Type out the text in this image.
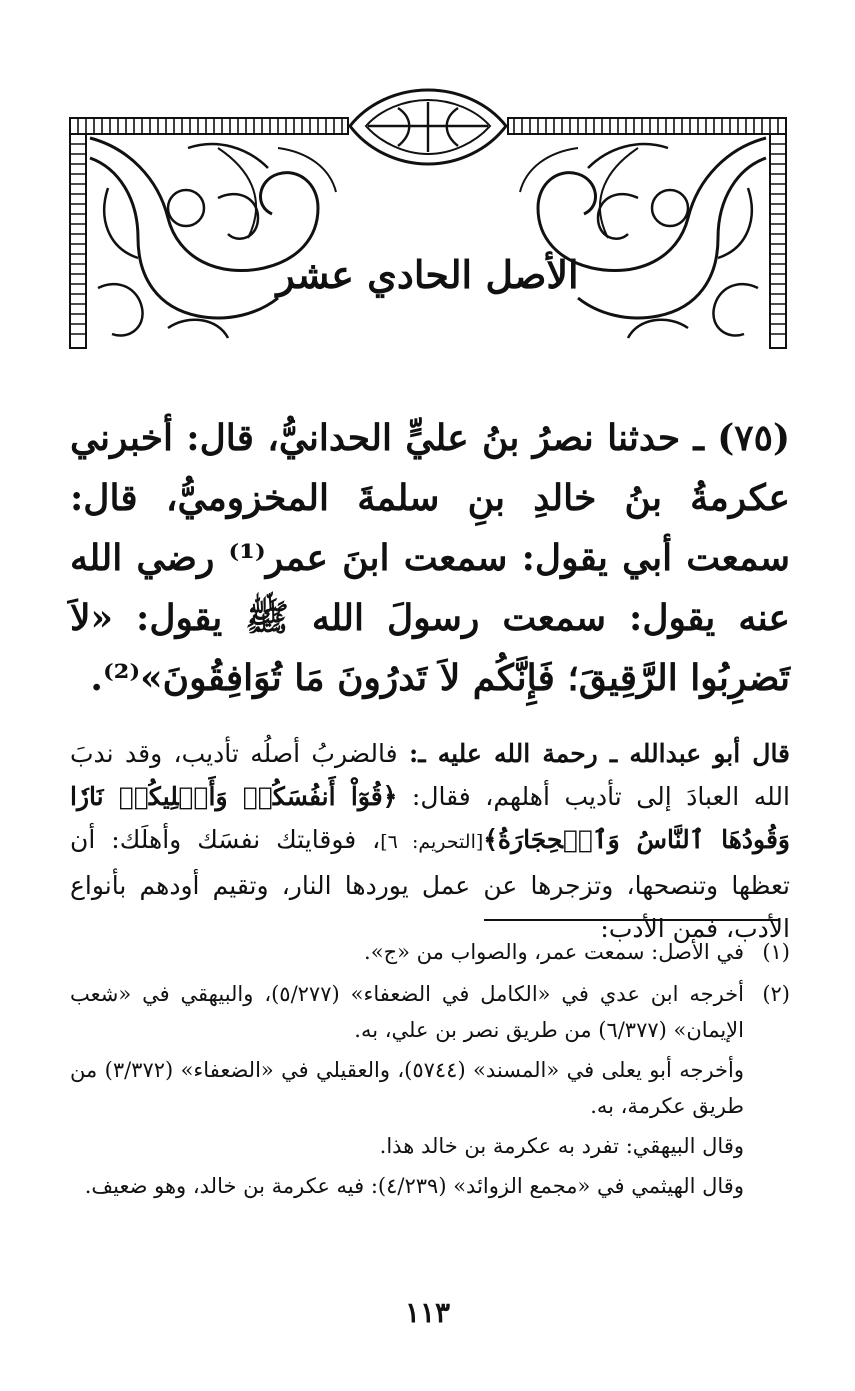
الأصل الحادي عشر

(٧٥) ـ حدثنا نصرُ بنُ عليٍّ الحدانيُّ، قال: أخبرني عكرمةُ بنُ خالدِ بنِ سلمةَ المخزوميُّ، قال: سمعت أبي يقول: سمعت ابنَ عمر⁽¹⁾ رضي الله عنه يقول: سمعت رسولَ الله ﷺ يقول: «لاَ تَضرِبُوا الرَّقِيقَ؛ فَإِنَّكُم لاَ تَدرُونَ مَا تُوَافِقُونَ»⁽²⁾.

قال أبو عبدالله ـ رحمة الله عليه ـ: فالضربُ أصلُه تأديب، وقد ندبَ الله العبادَ إلى تأديب أهلهم، فقال: ﴿قُوٓاْ أَنفُسَكُمۡ وَأَهۡلِيكُمۡ نَارٗا وَقُودُهَا ٱلنَّاسُ وَٱلۡحِجَارَةُ﴾[التحريم: ٦]، فوقايتك نفسَك وأهلَك: أن تعظها وتنصحها، وتزجرها عن عمل يوردها النار، وتقيم أودهم بأنواع الأدب، فمن الأدب:

(١)

في الأصل: سمعت عمر، والصواب من «ج».

(٢)

أخرجه ابن عدي في «الكامل في الضعفاء» (٥/٢٧٧)، والبيهقي في «شعب الإيمان» (٦/٣٧٧) من طريق نصر بن علي، به.

وأخرجه أبو يعلى في «المسند» (٥٧٤٤)، والعقيلي في «الضعفاء» (٣/٣٧٢) من طريق عكرمة، به.

وقال البيهقي: تفرد به عكرمة بن خالد هذا.

وقال الهيثمي في «مجمع الزوائد» (٤/٢٣٩): فيه عكرمة بن خالد، وهو ضعيف.

١١٣
